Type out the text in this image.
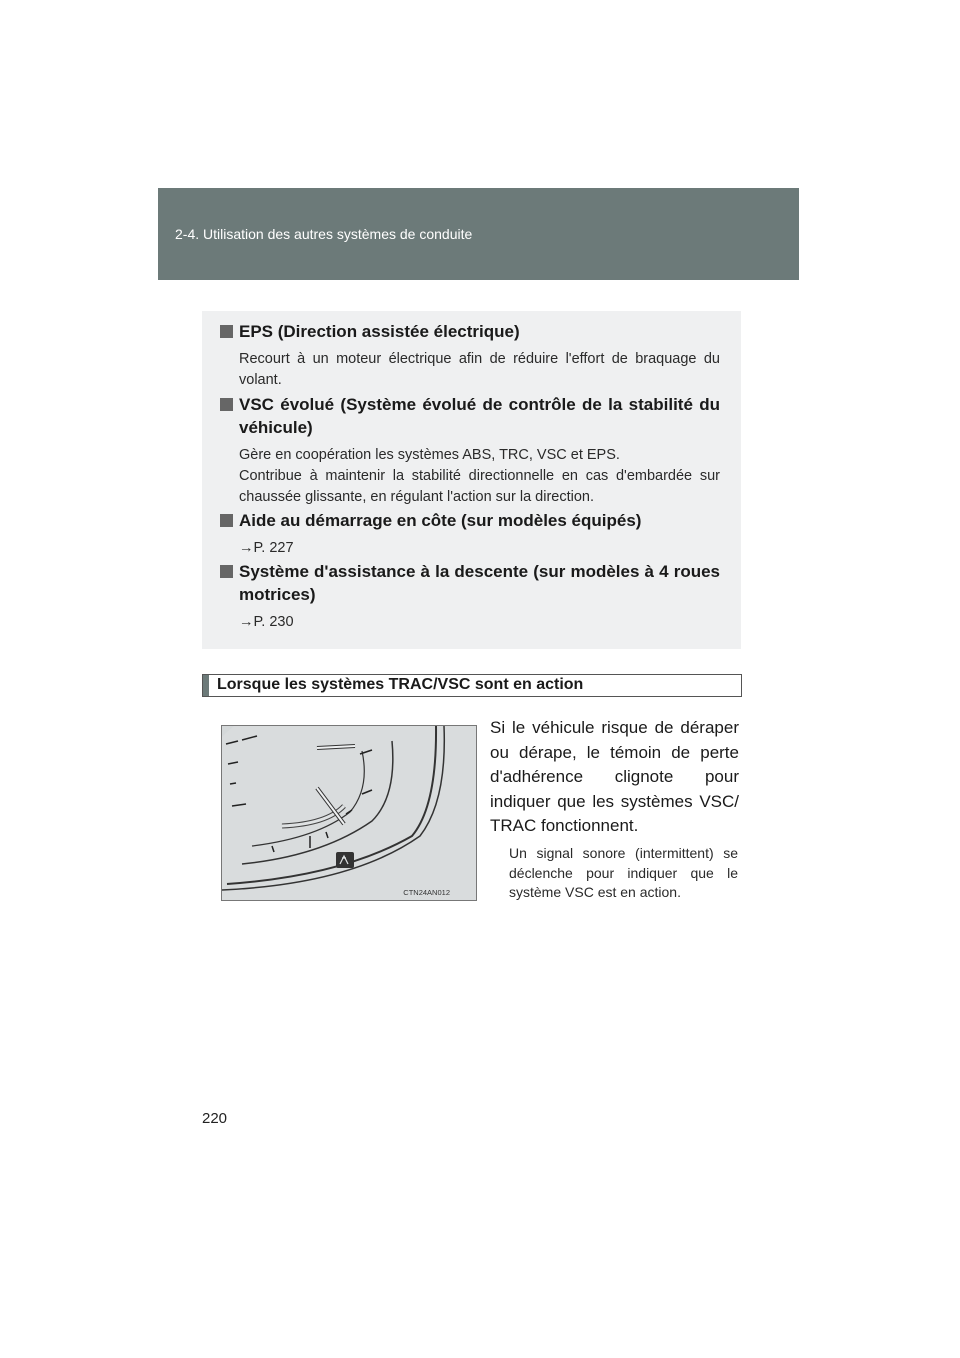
2-4. Utilisation des autres systèmes de conduite
EPS (Direction assistée électrique)
Recourt à un moteur électrique afin de réduire l'effort de braquage du volant.
VSC évolué (Système évolué de contrôle de la stabilité du véhicule)
Gère en coopération les systèmes ABS, TRC, VSC et EPS.
Contribue à maintenir la stabilité directionnelle en cas d'embardée sur chaussée glissante, en régulant l'action sur la direction.
Aide au démarrage en côte (sur modèles équipés)
→P. 227
Système d'assistance à la descente (sur modèles à 4 roues motrices)
→P. 230
Lorsque les systèmes TRAC/VSC sont en action
CTN24AN012
Si le véhicule risque de déraper ou dérape, le témoin de perte d'adhérence clignote pour indiquer que les systèmes VSC/ TRAC fonctionnent.
Un signal sonore (intermittent) se déclenche pour indiquer que le système VSC est en action.
220
